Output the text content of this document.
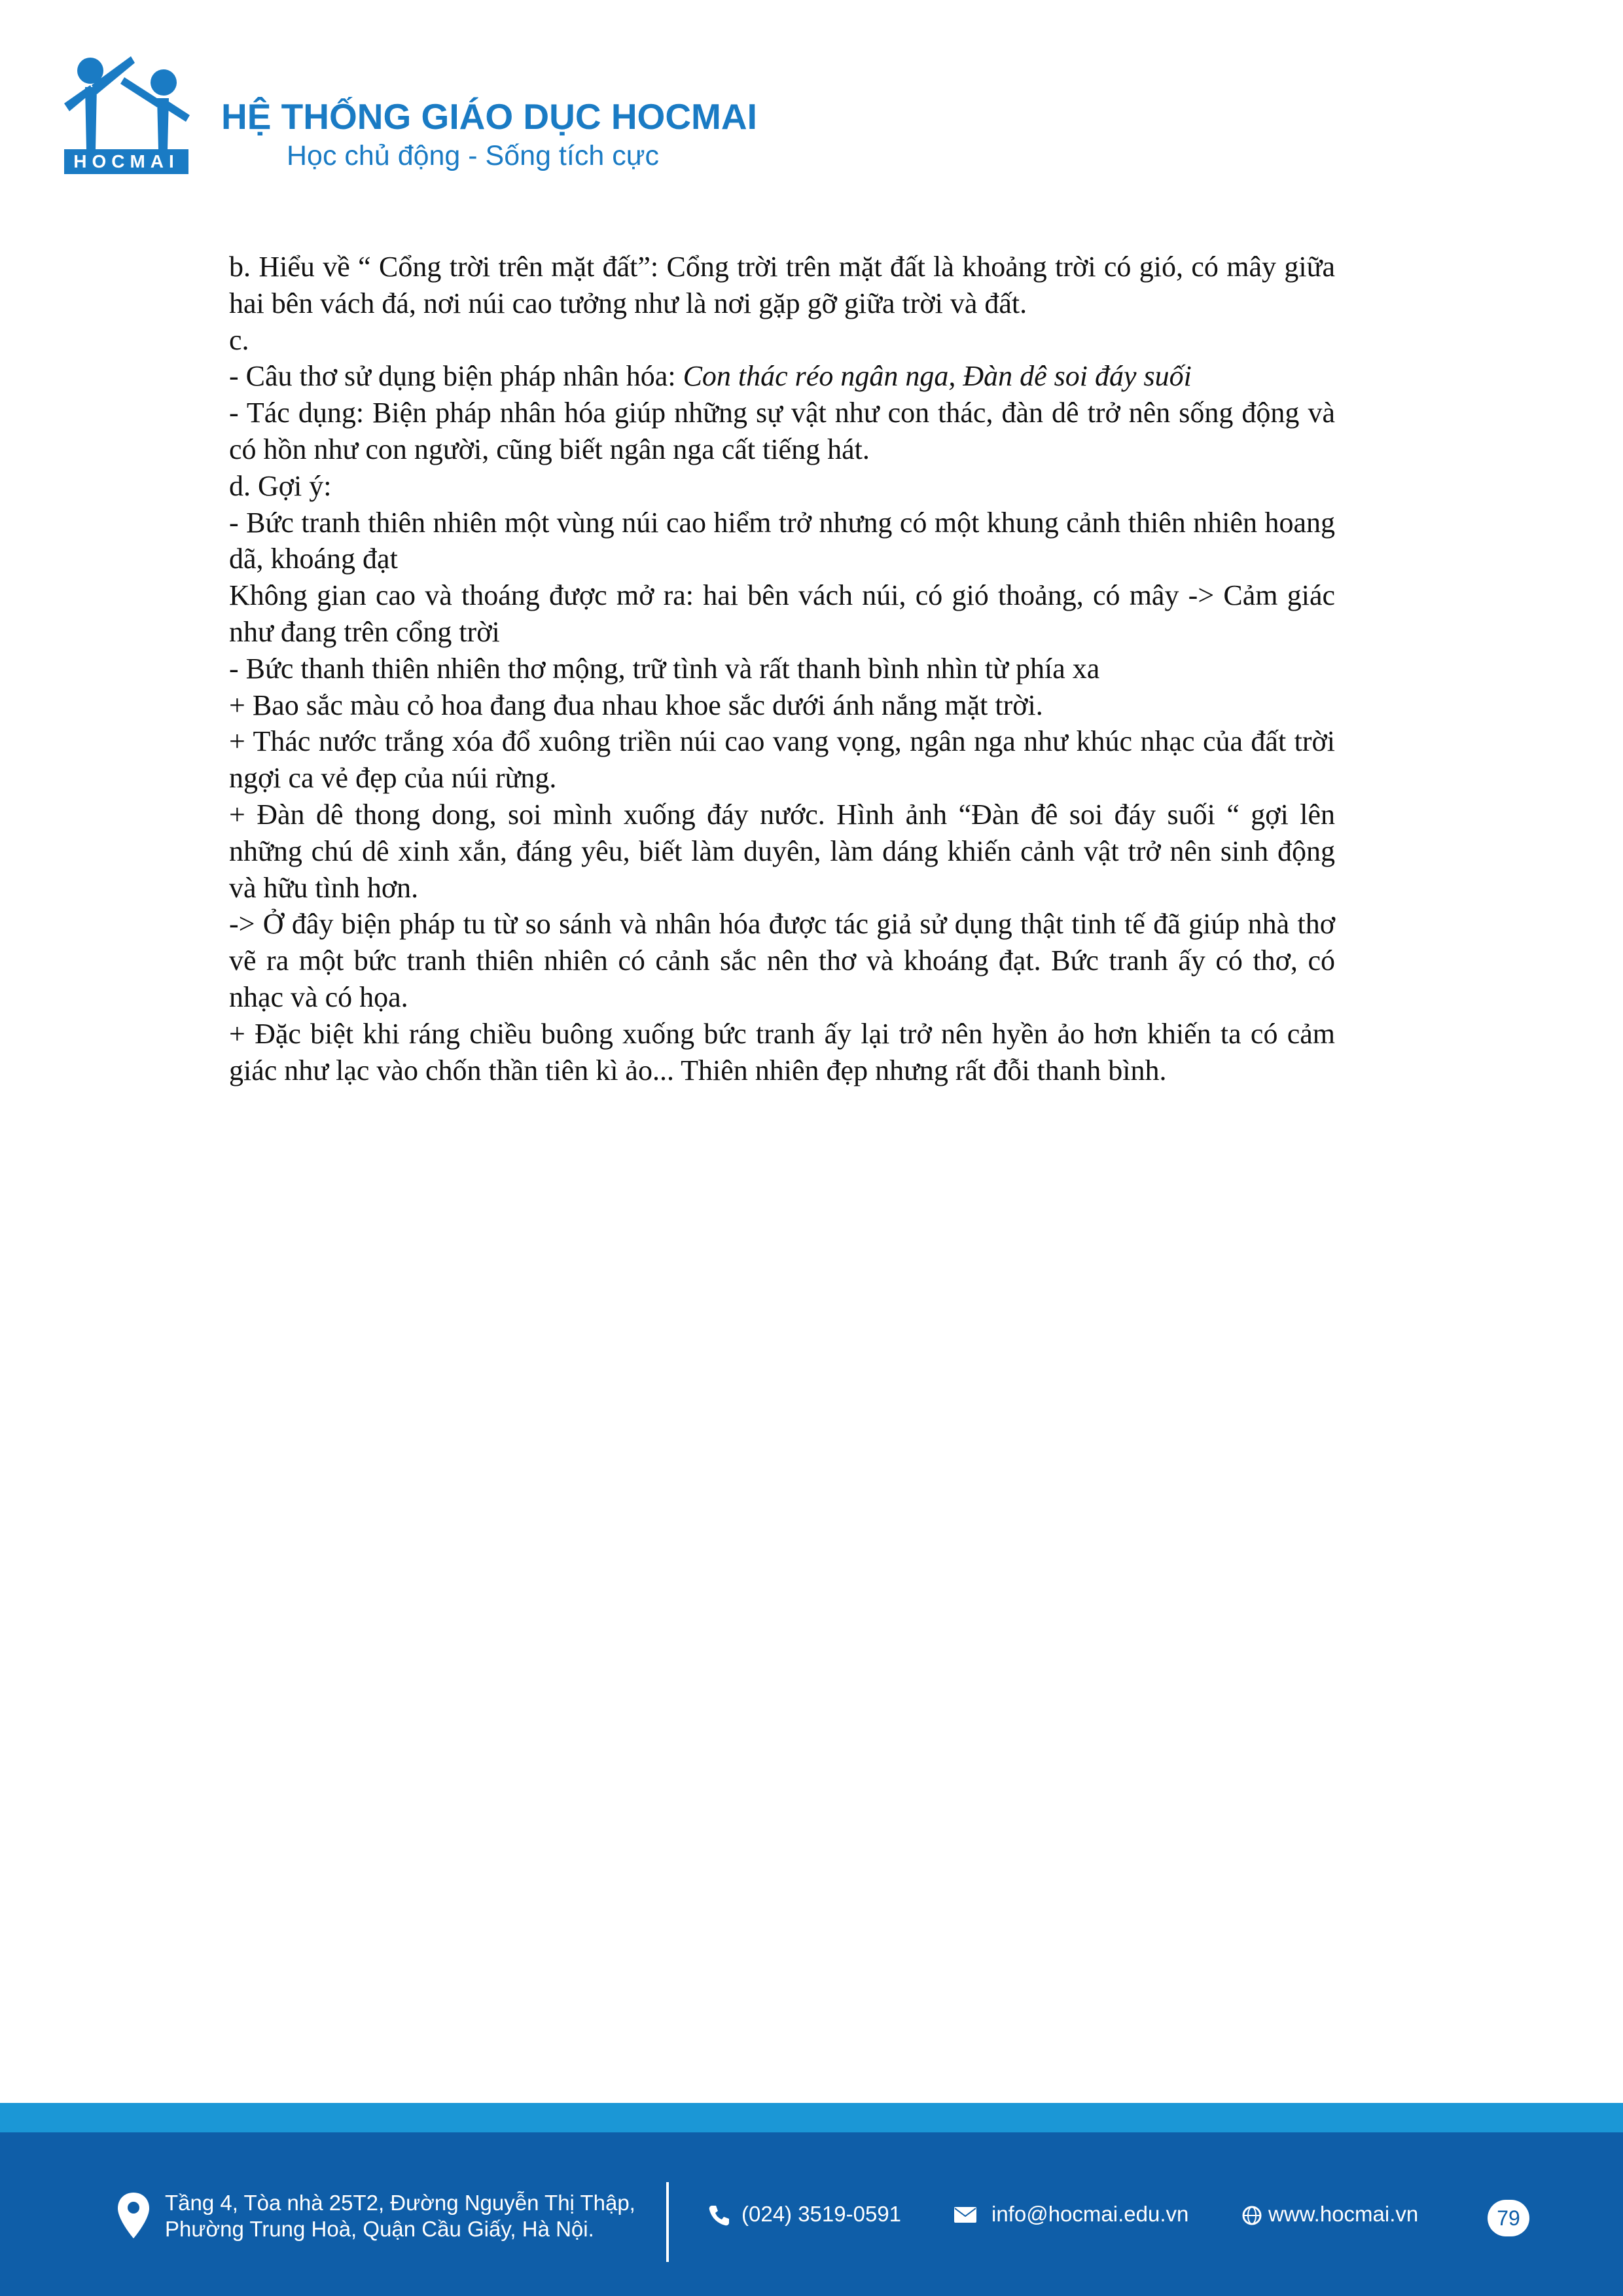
HOCMAI
HỆ THỐNG GIÁO DỤC HOCMAI
Học chủ động - Sống tích cực

b. Hiểu về “ Cổng trời trên mặt đất”: Cổng trời trên mặt đất là khoảng trời có gió, có mây giữa hai bên vách đá, nơi núi cao tưởng như là nơi gặp gỡ giữa trời và đất.

c.

- Câu thơ sử dụng biện pháp nhân hóa: Con thác réo ngân nga, Đàn dê soi đáy suối

- Tác dụng: Biện pháp nhân hóa giúp những sự vật như con thác, đàn dê trở nên sống động và có hồn như con người, cũng biết ngân nga cất tiếng hát.

d. Gợi ý:

- Bức tranh thiên nhiên một vùng núi cao hiểm trở nhưng có một khung cảnh thiên nhiên hoang dã, khoáng đạt

Không gian cao và thoáng được mở ra: hai bên vách núi, có gió thoảng, có mây -> Cảm giác như đang trên cổng trời

- Bức thanh thiên nhiên thơ mộng, trữ tình và rất thanh bình nhìn từ phía xa

+ Bao sắc màu cỏ hoa đang đua nhau khoe sắc dưới ánh nắng mặt trời.

+ Thác nước trắng xóa đổ xuông triền núi cao vang vọng, ngân nga như khúc nhạc của đất trời ngợi ca vẻ đẹp của núi rừng.

+ Đàn dê thong dong, soi mình xuống đáy nước. Hình ảnh “Đàn đê soi đáy suối “ gợi lên những chú dê xinh xắn, đáng yêu, biết làm duyên, làm dáng khiến cảnh vật trở nên sinh động và hữu tình hơn.

-> Ở đây biện pháp tu từ so sánh và nhân hóa được tác giả sử dụng thật tinh tế đã giúp nhà thơ vẽ ra một bức tranh thiên nhiên có cảnh sắc nên thơ và khoáng đạt. Bức tranh ấy có thơ, có nhạc và có họa.

+ Đặc biệt khi ráng chiều buông xuống bức tranh ấy lại trở nên hyền ảo hơn khiến ta có cảm giác như lạc vào chốn thần tiên kì ảo... Thiên nhiên đẹp nhưng rất đỗi thanh bình.

Tầng 4, Tòa nhà 25T2, Đường Nguyễn Thị Thập,
Phường Trung Hoà, Quận Cầu Giấy, Hà Nội.
(024) 3519-0591	info@hocmai.edu.vn	www.hocmai.vn	79
